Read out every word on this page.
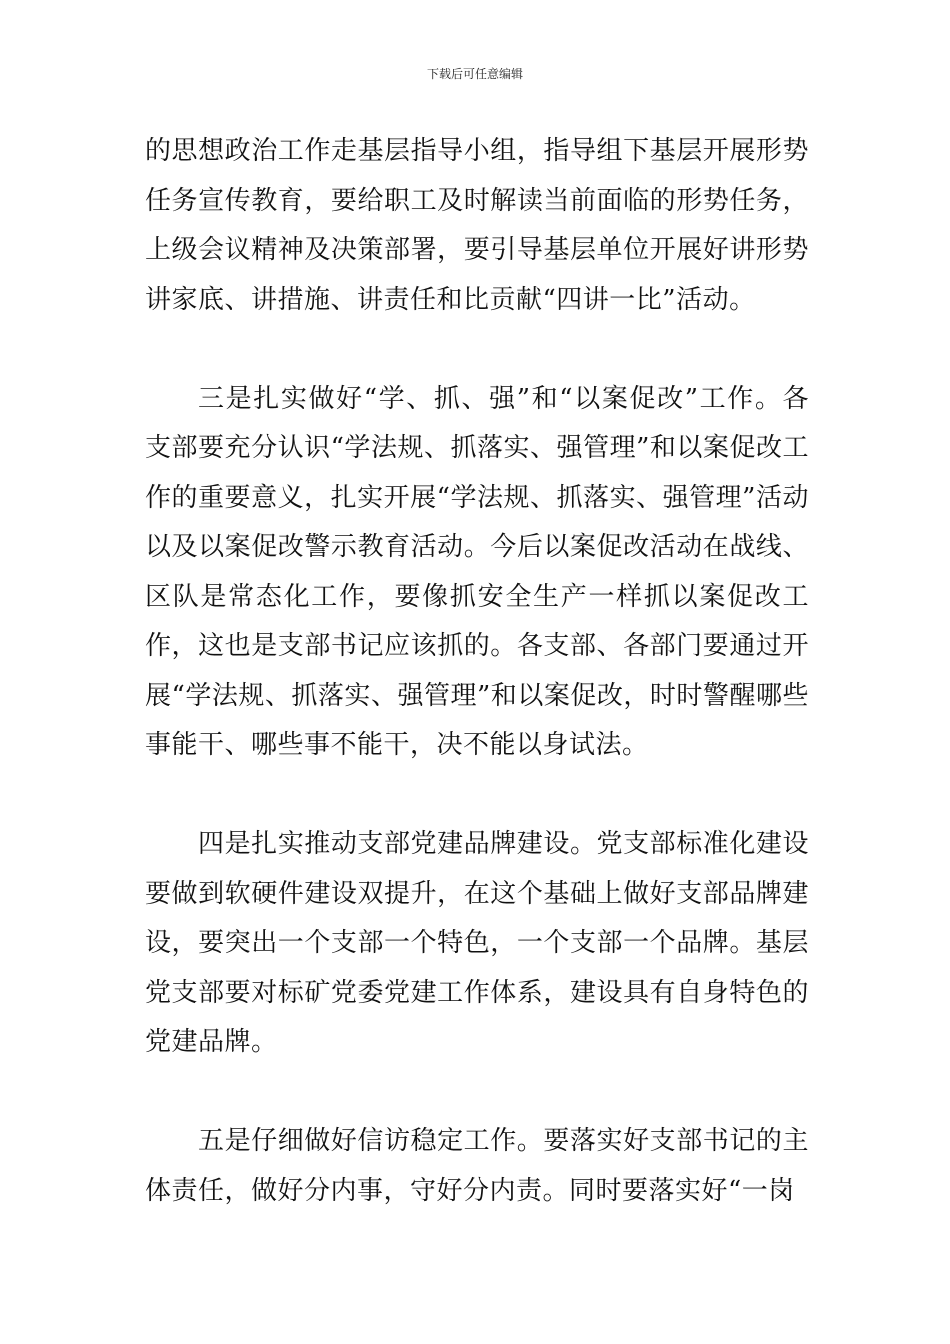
下载后可任意编辑

的思想政治工作走基层指导小组，指导组下基层开展形势任务宣传教育，要给职工及时解读当前面临的形势任务，上级会议精神及决策部署，要引导基层单位开展好讲形势讲家底、讲措施、讲责任和比贡献“四讲一比”活动。

三是扎实做好“学、抓、强”和“以案促改”工作。各支部要充分认识“学法规、抓落实、强管理”和以案促改工作的重要意义，扎实开展“学法规、抓落实、强管理”活动以及以案促改警示教育活动。今后以案促改活动在战线、区队是常态化工作，要像抓安全生产一样抓以案促改工作，这也是支部书记应该抓的。各支部、各部门要通过开展“学法规、抓落实、强管理”和以案促改，时时警醒哪些事能干、哪些事不能干，决不能以身试法。

四是扎实推动支部党建品牌建设。党支部标准化建设要做到软硬件建设双提升，在这个基础上做好支部品牌建设，要突出一个支部一个特色，一个支部一个品牌。基层党支部要对标矿党委党建工作体系，建设具有自身特色的党建品牌。

五是仔细做好信访稳定工作。要落实好支部书记的主体责任，做好分内事，守好分内责。同时要落实好“一岗
